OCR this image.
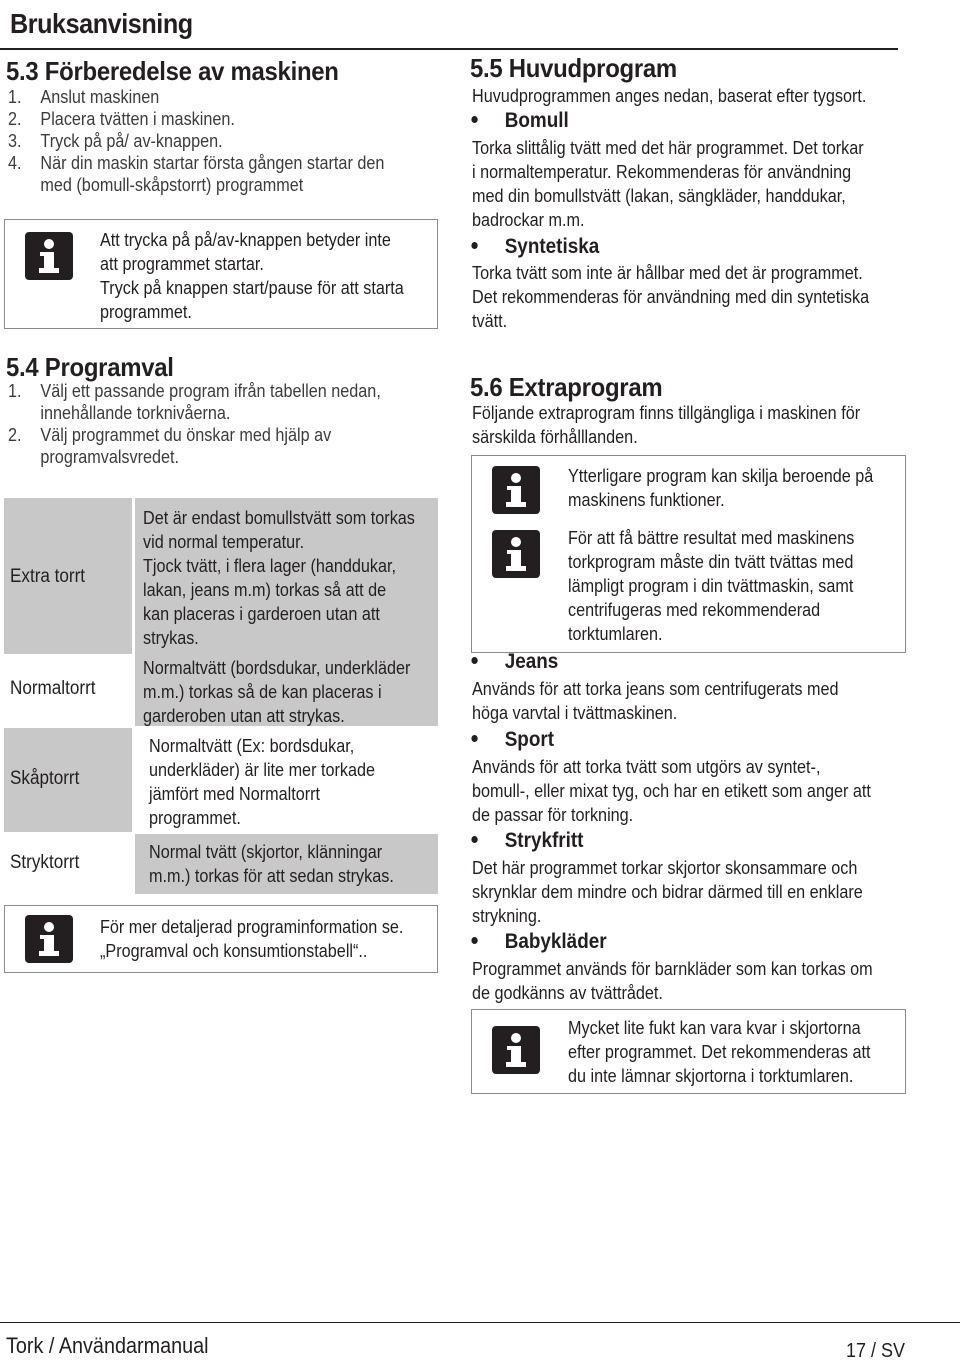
Bruksanvisning
5.3 Förberedelse av maskinen
1. Anslut maskinen
2. Placera tvätten i maskinen.
3. Tryck på på/ av-knappen.
4. När din maskin startar första gången startar den
med (bomull-skåpstorrt) programmet
Att trycka på på/av-knappen betyder inte
att programmet startar.
Tryck på knappen start/pause för att starta
programmet.
5.4 Programval
1. Välj ett passande program ifrån tabellen nedan,
innehållande torknivåerna.
2. Välj programmet du önskar med hjälp av
programvalsvredet.
Extra torrt
Det är endast bomullstvätt som torkas
vid normal temperatur.
Tjock tvätt, i flera lager (handdukar,
lakan, jeans m.m) torkas så att de
kan placeras i garderoen utan att
strykas.
Normaltorrt
Normaltvätt (bordsdukar, underkläder
m.m.) torkas så de kan placeras i
garderoben utan att strykas.
Skåptorrt
Normaltvätt (Ex: bordsdukar,
underkläder) är lite mer torkade
jämfört med Normaltorrt
programmet.
Stryktorrt	Normal tvätt (skjortor, klänningar
m.m.) torkas för att sedan strykas.
För mer detaljerad programinformation se.
„Programval och konsumtionstabell“..
5.5 Huvudprogram
Huvudprogrammen anges nedan, baserat efter tygsort.
Bomull
Torka slittålig tvätt med det här programmet. Det torkar
i normaltemperatur. Rekommenderas för användning
med din bomullstvätt (lakan, sängkläder, handdukar,
badrockar m.m.
Syntetiska
Torka tvätt som inte är hållbar med det är programmet.
Det rekommenderas för användning med din syntetiska
tvätt.
5.6 Extraprogram
Följande extraprogram finns tillgängliga i maskinen för
särskilda förhålllanden.
Ytterligare program kan skilja beroende på
maskinens funktioner.
För att få bättre resultat med maskinens
torkprogram måste din tvätt tvättas med
lämpligt program i din tvättmaskin, samt
centrifugeras med rekommenderad
torktumlaren.
Jeans
Används för att torka jeans som centrifugerats med
höga varvtal i tvättmaskinen.
Sport
Används för att torka tvätt som utgörs av syntet-,
bomull-, eller mixat tyg, och har en etikett som anger att
de passar för torkning.
Strykfritt
Det här programmet torkar skjortor skonsammare och
skrynklar dem mindre och bidrar därmed till en enklare
strykning.
Babykläder
Programmet används för barnkläder som kan torkas om
de godkänns av tvättrådet.
Mycket lite fukt kan vara kvar i skjortorna
efter programmet. Det rekommenderas att
du inte lämnar skjortorna i torktumlaren.
Tork / Användarmanual	17 / SV
